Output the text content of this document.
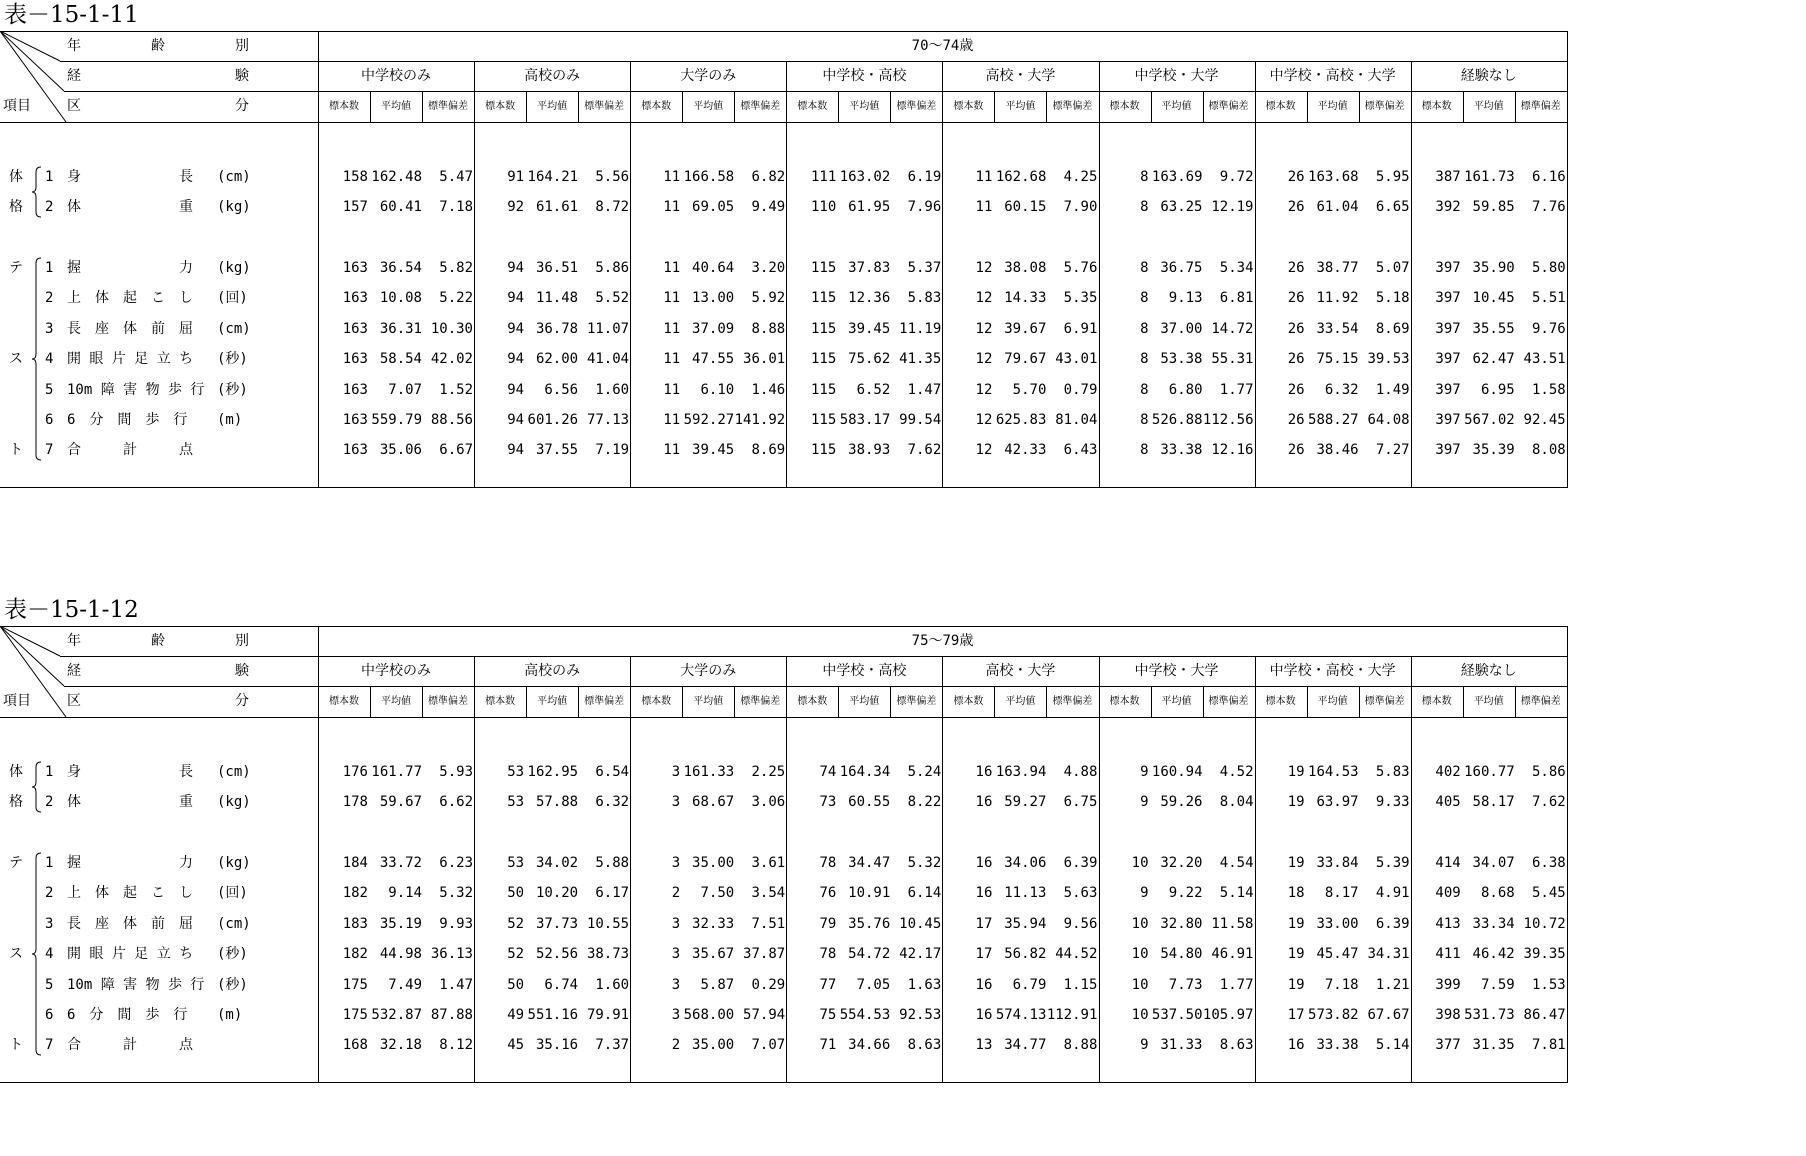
表－15-1-11
年　　　　　齢　　　　　別
経　　　　　　　　　　　験
区　　　　　　　　　　　分
項目
70～74歳
中学校のみ
標本数	平均値	標準偏差
高校のみ
標本数	平均値	標準偏差
大学のみ
標本数	平均値	標準偏差
中学校・高校
標本数	平均値	標準偏差
高校・大学
標本数	平均値	標準偏差
中学校・大学
標本数	平均値	標準偏差
中学校・高校・大学
標本数	平均値	標準偏差
経験なし
標本数	平均値	標準偏差
体
格
1 身　　　　　　　長	(cm)	158 162.48	5.47	91 164.21	5.56	11 166.58	6.82	111 163.02	6.19	11 162.68	4.25	8 163.69	9.72	26 163.68	5.95	387 161.73	6.16
2 体　　　　　　　重	(kg)	157 60.41	7.18	92 61.61	8.72	11 69.05	9.49	110 61.95	7.96	11 60.15	7.90	8 63.25 12.19	26 61.04	6.65	392 59.85	7.76
テ
ス
ト
1 握　　　　　　　力	(kg)	163 36.54	5.82	94 36.51	5.86	11 40.64	3.20	115 37.83	5.37	12 38.08	5.76	8 36.75	5.34	26 38.77	5.07	397 35.90	5.80
2 上　体　起　こ　し	(回)	163 10.08	5.22	94 11.48	5.52	11 13.00	5.92	115 12.36	5.83	12 14.33	5.35	8	9.13	6.81	26 11.92	5.18	397 10.45	5.51
3 長　座　体　前　屈	(cm)	163 36.31 10.30	94 36.78 11.07	11 37.09	8.88	115 39.45 11.19	12 39.67	6.91	8 37.00 14.72	26 33.54	8.69	397 35.55	9.76
4 開 眼 片 足 立 ち	(秒)	163 58.54 42.02	94 62.00 41.04	11 47.55 36.01	115 75.62 41.35	12 79.67 43.01	8 53.38 55.31	26 75.15 39.53	397 62.47 43.51
5 10m 障 害 物 歩 行 (秒)	163	7.07	1.52	94	6.56	1.60	11	6.10	1.46	115	6.52	1.47	12	5.70	0.79	8	6.80	1.77	26	6.32	1.49	397	6.95	1.58
6 6　分　間　歩　行	(m)	163 559.79 88.56	94 601.26 77.13	11 592.27 141.92	115 583.17 99.54	12 625.83 81.04	8 526.88 112.56	26 588.27 64.08	397 567.02 92.45
7 合　　　計　　　点	163 35.06	6.67	94 37.55	7.19	11 39.45	8.69	115 38.93	7.62	12 42.33	6.43	8 33.38 12.16	26 38.46	7.27	397 35.39	8.08
表－15-1-12
年　　　　　齢　　　　　別
経　　　　　　　　　　　験
区　　　　　　　　　　　分
項目
75～79歳
中学校のみ
標本数	平均値	標準偏差
高校のみ
標本数	平均値	標準偏差
大学のみ
標本数	平均値	標準偏差
中学校・高校
標本数	平均値	標準偏差
高校・大学
標本数	平均値	標準偏差
中学校・大学
標本数	平均値	標準偏差
中学校・高校・大学
標本数	平均値	標準偏差
経験なし
標本数	平均値	標準偏差
体
格
1 身　　　　　　　長	(cm)	176 161.77	5.93	53 162.95	6.54	3 161.33	2.25	74 164.34	5.24	16 163.94	4.88	9 160.94	4.52	19 164.53	5.83	402 160.77	5.86
2 体　　　　　　　重	(kg)	178 59.67	6.62	53 57.88	6.32	3 68.67	3.06	73 60.55	8.22	16 59.27	6.75	9 59.26	8.04	19 63.97	9.33	405 58.17	7.62
テ
ス
ト
1 握　　　　　　　力	(kg)	184 33.72	6.23	53 34.02	5.88	3 35.00	3.61	78 34.47	5.32	16 34.06	6.39	10 32.20	4.54	19 33.84	5.39	414 34.07	6.38
2 上　体　起　こ　し	(回)	182	9.14	5.32	50 10.20	6.17	2	7.50	3.54	76 10.91	6.14	16 11.13	5.63	9	9.22	5.14	18	8.17	4.91	409	8.68	5.45
3 長　座　体　前　屈	(cm)	183 35.19	9.93	52 37.73 10.55	3 32.33	7.51	79 35.76 10.45	17 35.94	9.56	10 32.80 11.58	19 33.00	6.39	413 33.34 10.72
4 開 眼 片 足 立 ち	(秒)	182 44.98 36.13	52 52.56 38.73	3 35.67 37.87	78 54.72 42.17	17 56.82 44.52	10 54.80 46.91	19 45.47 34.31	411 46.42 39.35
5 10m 障 害 物 歩 行 (秒)	175	7.49	1.47	50	6.74	1.60	3	5.87	0.29	77	7.05	1.63	16	6.79	1.15	10	7.73	1.77	19	7.18	1.21	399	7.59	1.53
6 6　分　間　歩　行	(m)	175 532.87 87.88	49 551.16 79.91	3 568.00 57.94	75 554.53 92.53	16 574.13 112.91	10 537.50 105.97	17 573.82 67.67	398 531.73 86.47
7 合　　　計　　　点	168 32.18	8.12	45 35.16	7.37	2 35.00	7.07	71 34.66	8.63	13 34.77	8.88	9 31.33	8.63	16 33.38	5.14	377 31.35	7.81
